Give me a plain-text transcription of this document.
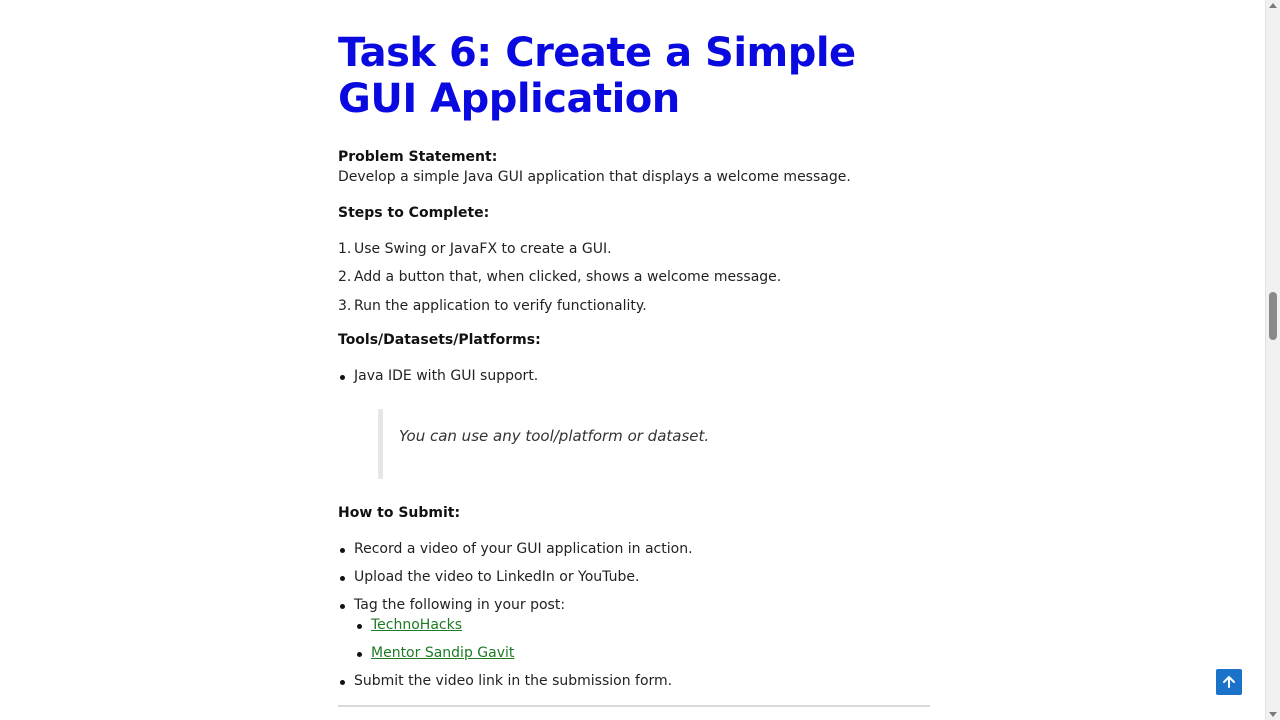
Task 6: Create a Simple GUI Application
Problem Statement:
Develop a simple Java GUI application that displays a welcome message.
Steps to Complete:
1. Use Swing or JavaFX to create a GUI.
2. Add a button that, when clicked, shows a welcome message.
3. Run the application to verify functionality.
Tools/Datasets/Platforms:
Java IDE with GUI support.
You can use any tool/platform or dataset.
How to Submit:
Record a video of your GUI application in action.
Upload the video to LinkedIn or YouTube.
Tag the following in your post:
TechnoHacks
Mentor Sandip Gavit
Submit the video link in the submission form.
